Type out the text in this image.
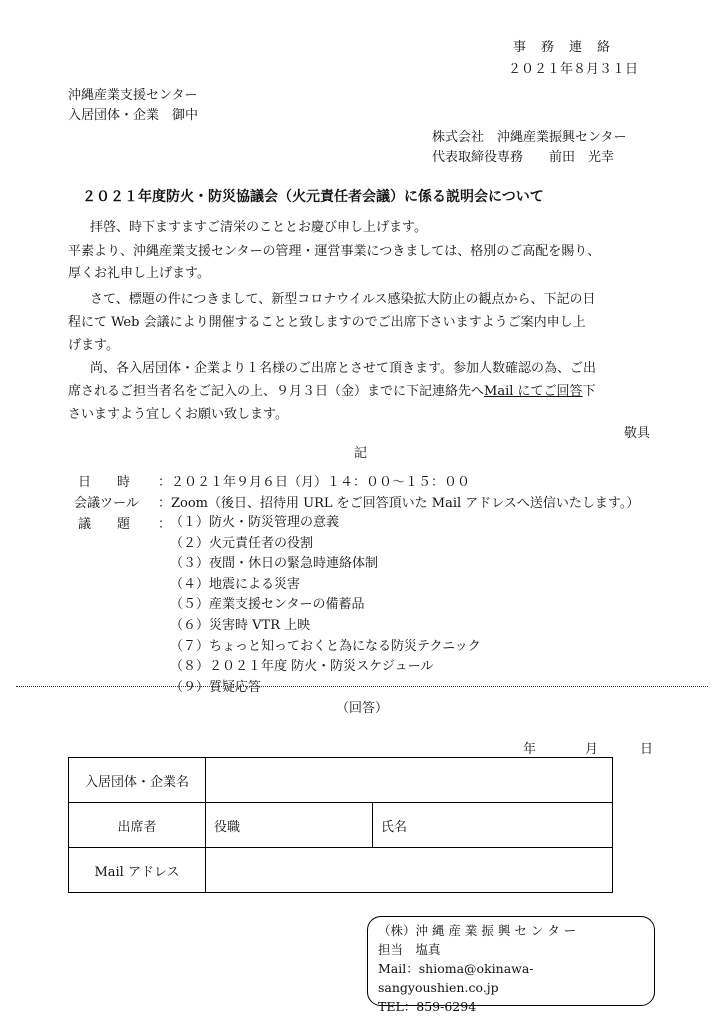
事　務　連　絡
２０２１年８月３１日
沖縄産業支援センター
入居団体・企業　御中
株式会社　沖縄産業振興センター
代表取締役専務　　前田　光幸
２０２１年度防火・防災協議会（火元責任者会議）に係る説明会について
拝啓、時下ますますご清栄のこととお慶び申し上げます。
平素より、沖縄産業支援センターの管理・運営事業につきましては、格別のご高配を賜り、
厚くお礼申し上げます。
さて、標題の件につきまして、新型コロナウイルス感染拡大防止の観点から、下記の日
程にて Web 会議により開催することと致しますのでご出席下さいますようご案内申し上
げます。
尚、各入居団体・企業より１名様のご出席とさせて頂きます。参加人数確認の為、ご出
席されるご担当者名をご記入の上、９月３日（金）までに下記連絡先へMail にてご回答下
さいますよう宜しくお願い致します。
敬具
記
日　　時 ：２０２１年９月６日（月）１４：００〜１５：００
会議ツール ：Zoom（後日、招待用 URL をご回答頂いた Mail アドレスへ送信いたします。）
議　　題 ：
（１）防火・防災管理の意義
（２）火元責任者の役割
（３）夜間・休日の緊急時連絡体制
（４）地震による災害
（５）産業支援センターの備蓄品
（６）災害時 VTR 上映
（７）ちょっと知っておくと為になる防災テクニック
（８）２０２１年度 防火・防災スケジュール
（９）質疑応答
（回答）
年	月	日
入居団体・企業名				
出席者	役職		氏名	
Mail アドレス				
（株）沖 縄 産 業 振 興 セ ン タ ー
担当　塩真
Mail：shioma@okinawa-sangyoushien.co.jp
TEL：859-6294
